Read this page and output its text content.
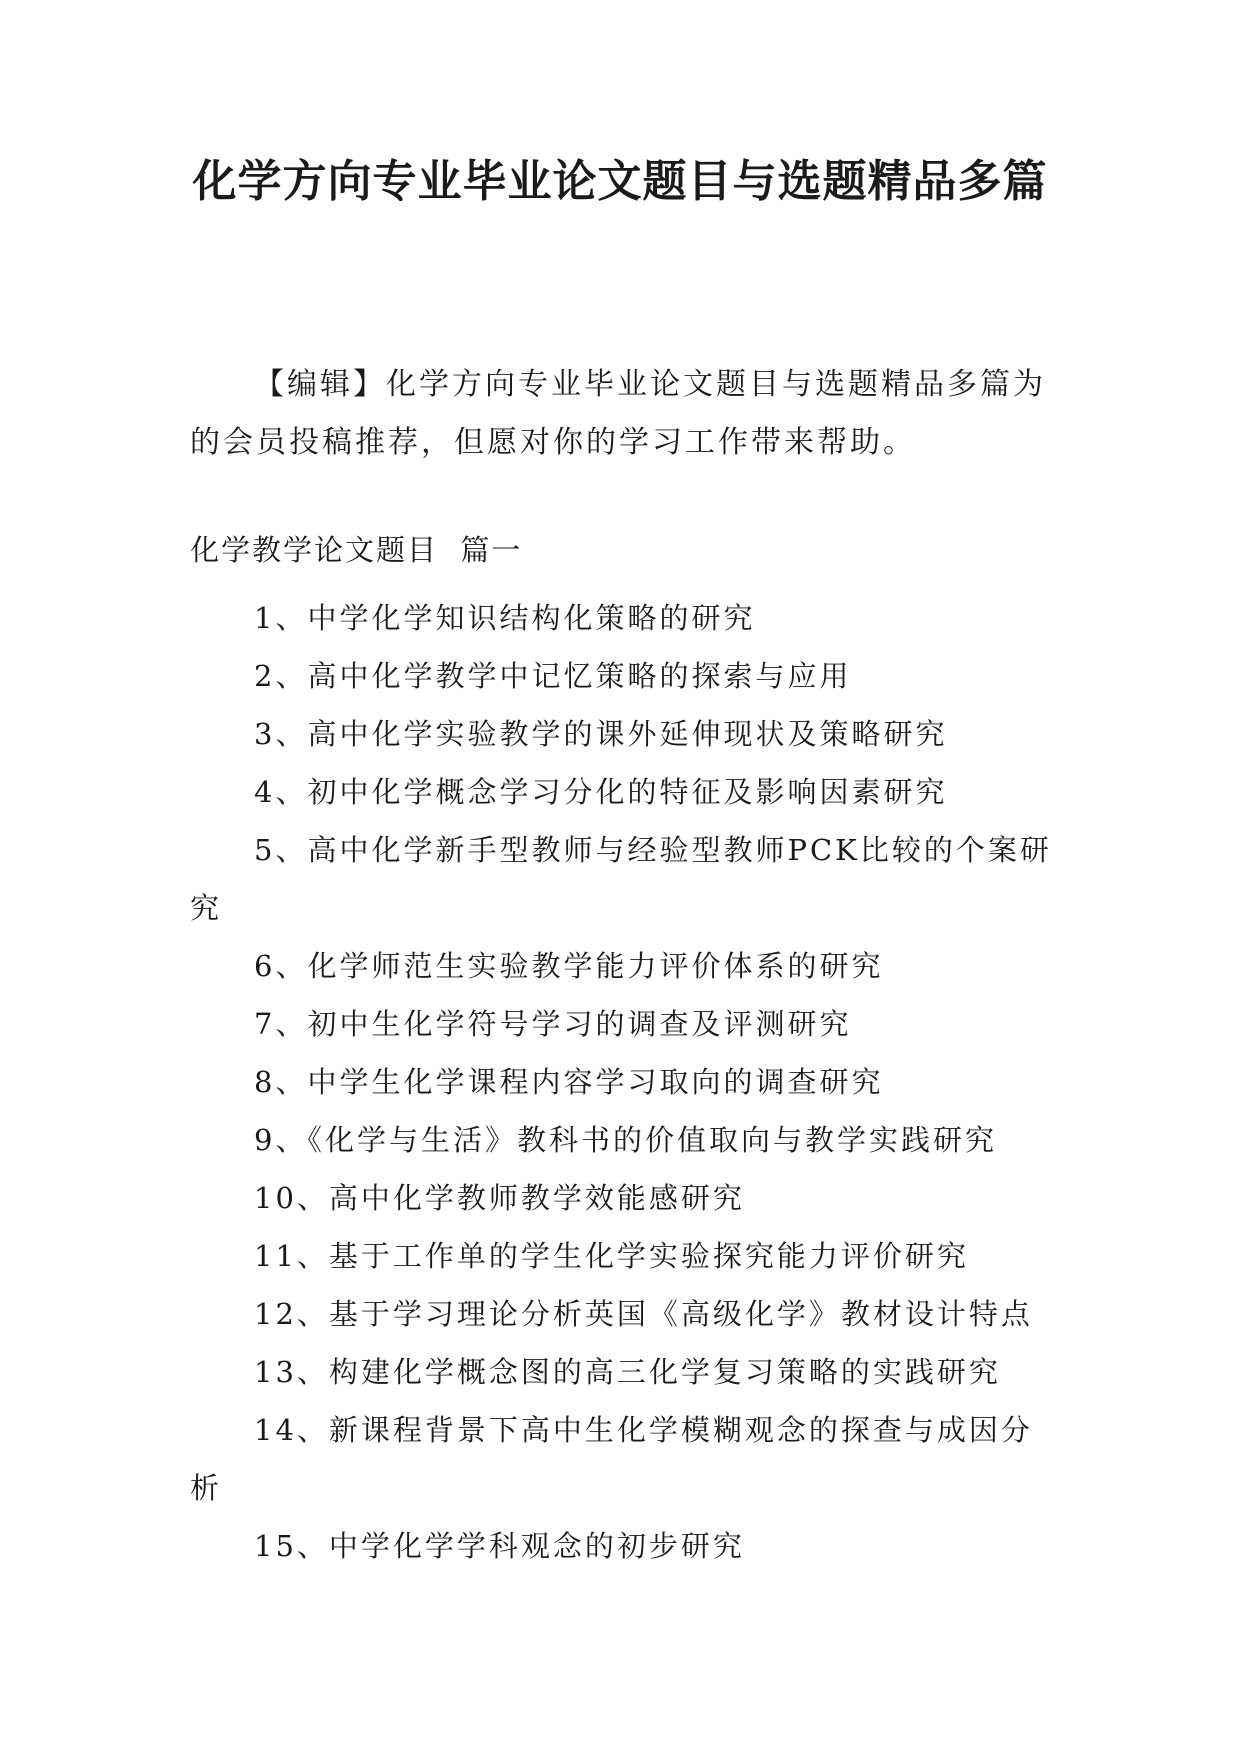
化学方向专业毕业论文题目与选题精品多篇

【编辑】化学方向专业毕业论文题目与选题精品多篇为的会员投稿推荐，但愿对你的学习工作带来帮助。

化学教学论文题目  篇一

1、中学化学知识结构化策略的研究
2、高中化学教学中记忆策略的探索与应用
3、高中化学实验教学的课外延伸现状及策略研究
4、初中化学概念学习分化的特征及影响因素研究
5、高中化学新手型教师与经验型教师PCK比较的个案研究
6、化学师范生实验教学能力评价体系的研究
7、初中生化学符号学习的调查及评测研究
8、中学生化学课程内容学习取向的调查研究
9、《化学与生活》教科书的价值取向与教学实践研究
10、高中化学教师教学效能感研究
11、基于工作单的学生化学实验探究能力评价研究
12、基于学习理论分析英国《高级化学》教材设计特点
13、构建化学概念图的高三化学复习策略的实践研究
14、新课程背景下高中生化学模糊观念的探查与成因分析
15、中学化学学科观念的初步研究
